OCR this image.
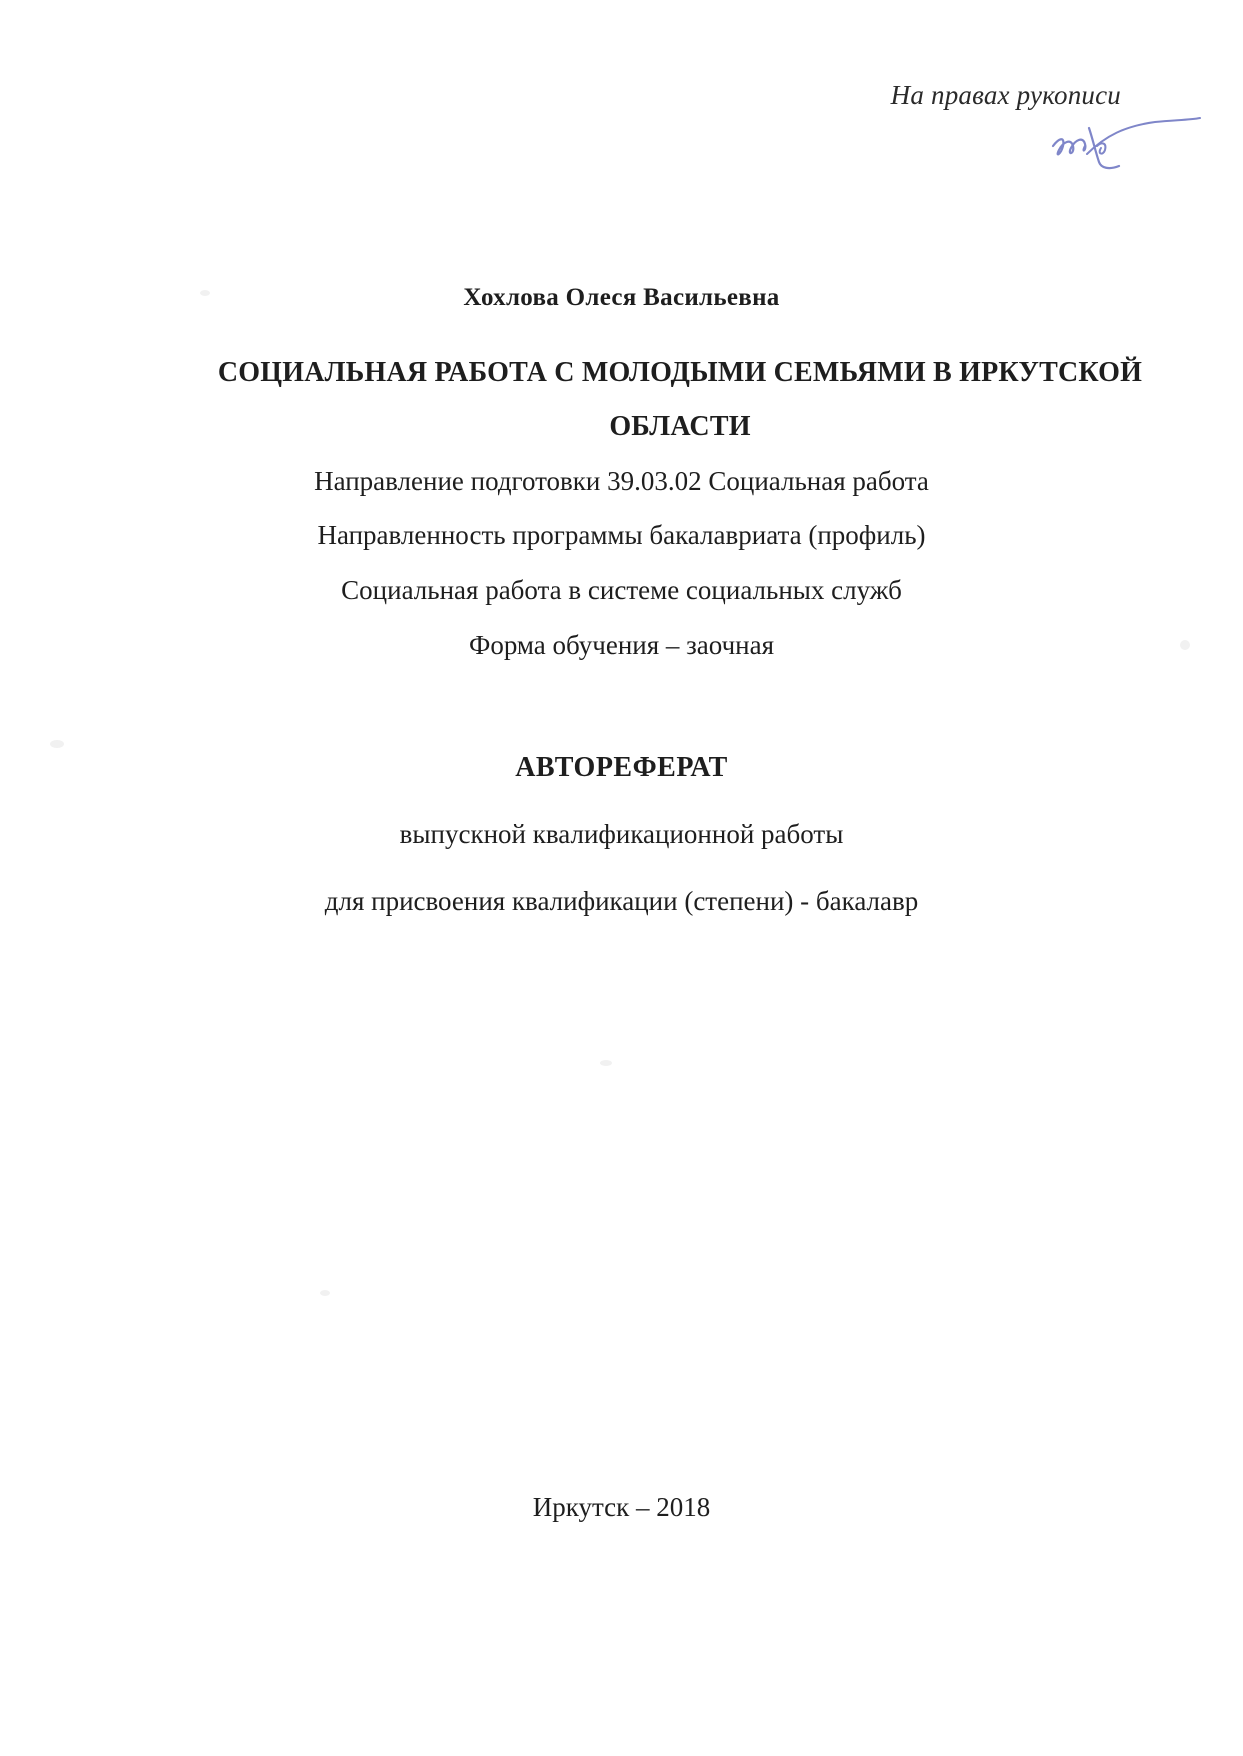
На правах рукописи
Хохлова Олеся Васильевна
СОЦИАЛЬНАЯ РАБОТА С МОЛОДЫМИ СЕМЬЯМИ В ИРКУТСКОЙ
ОБЛАСТИ
Направление подготовки 39.03.02 Социальная работа
Направленность программы бакалавриата (профиль)
Социальная работа в системе социальных служб
Форма обучения – заочная
АВТОРЕФЕРАТ
выпускной квалификационной работы
для присвоения квалификации (степени) - бакалавр
Иркутск – 2018
